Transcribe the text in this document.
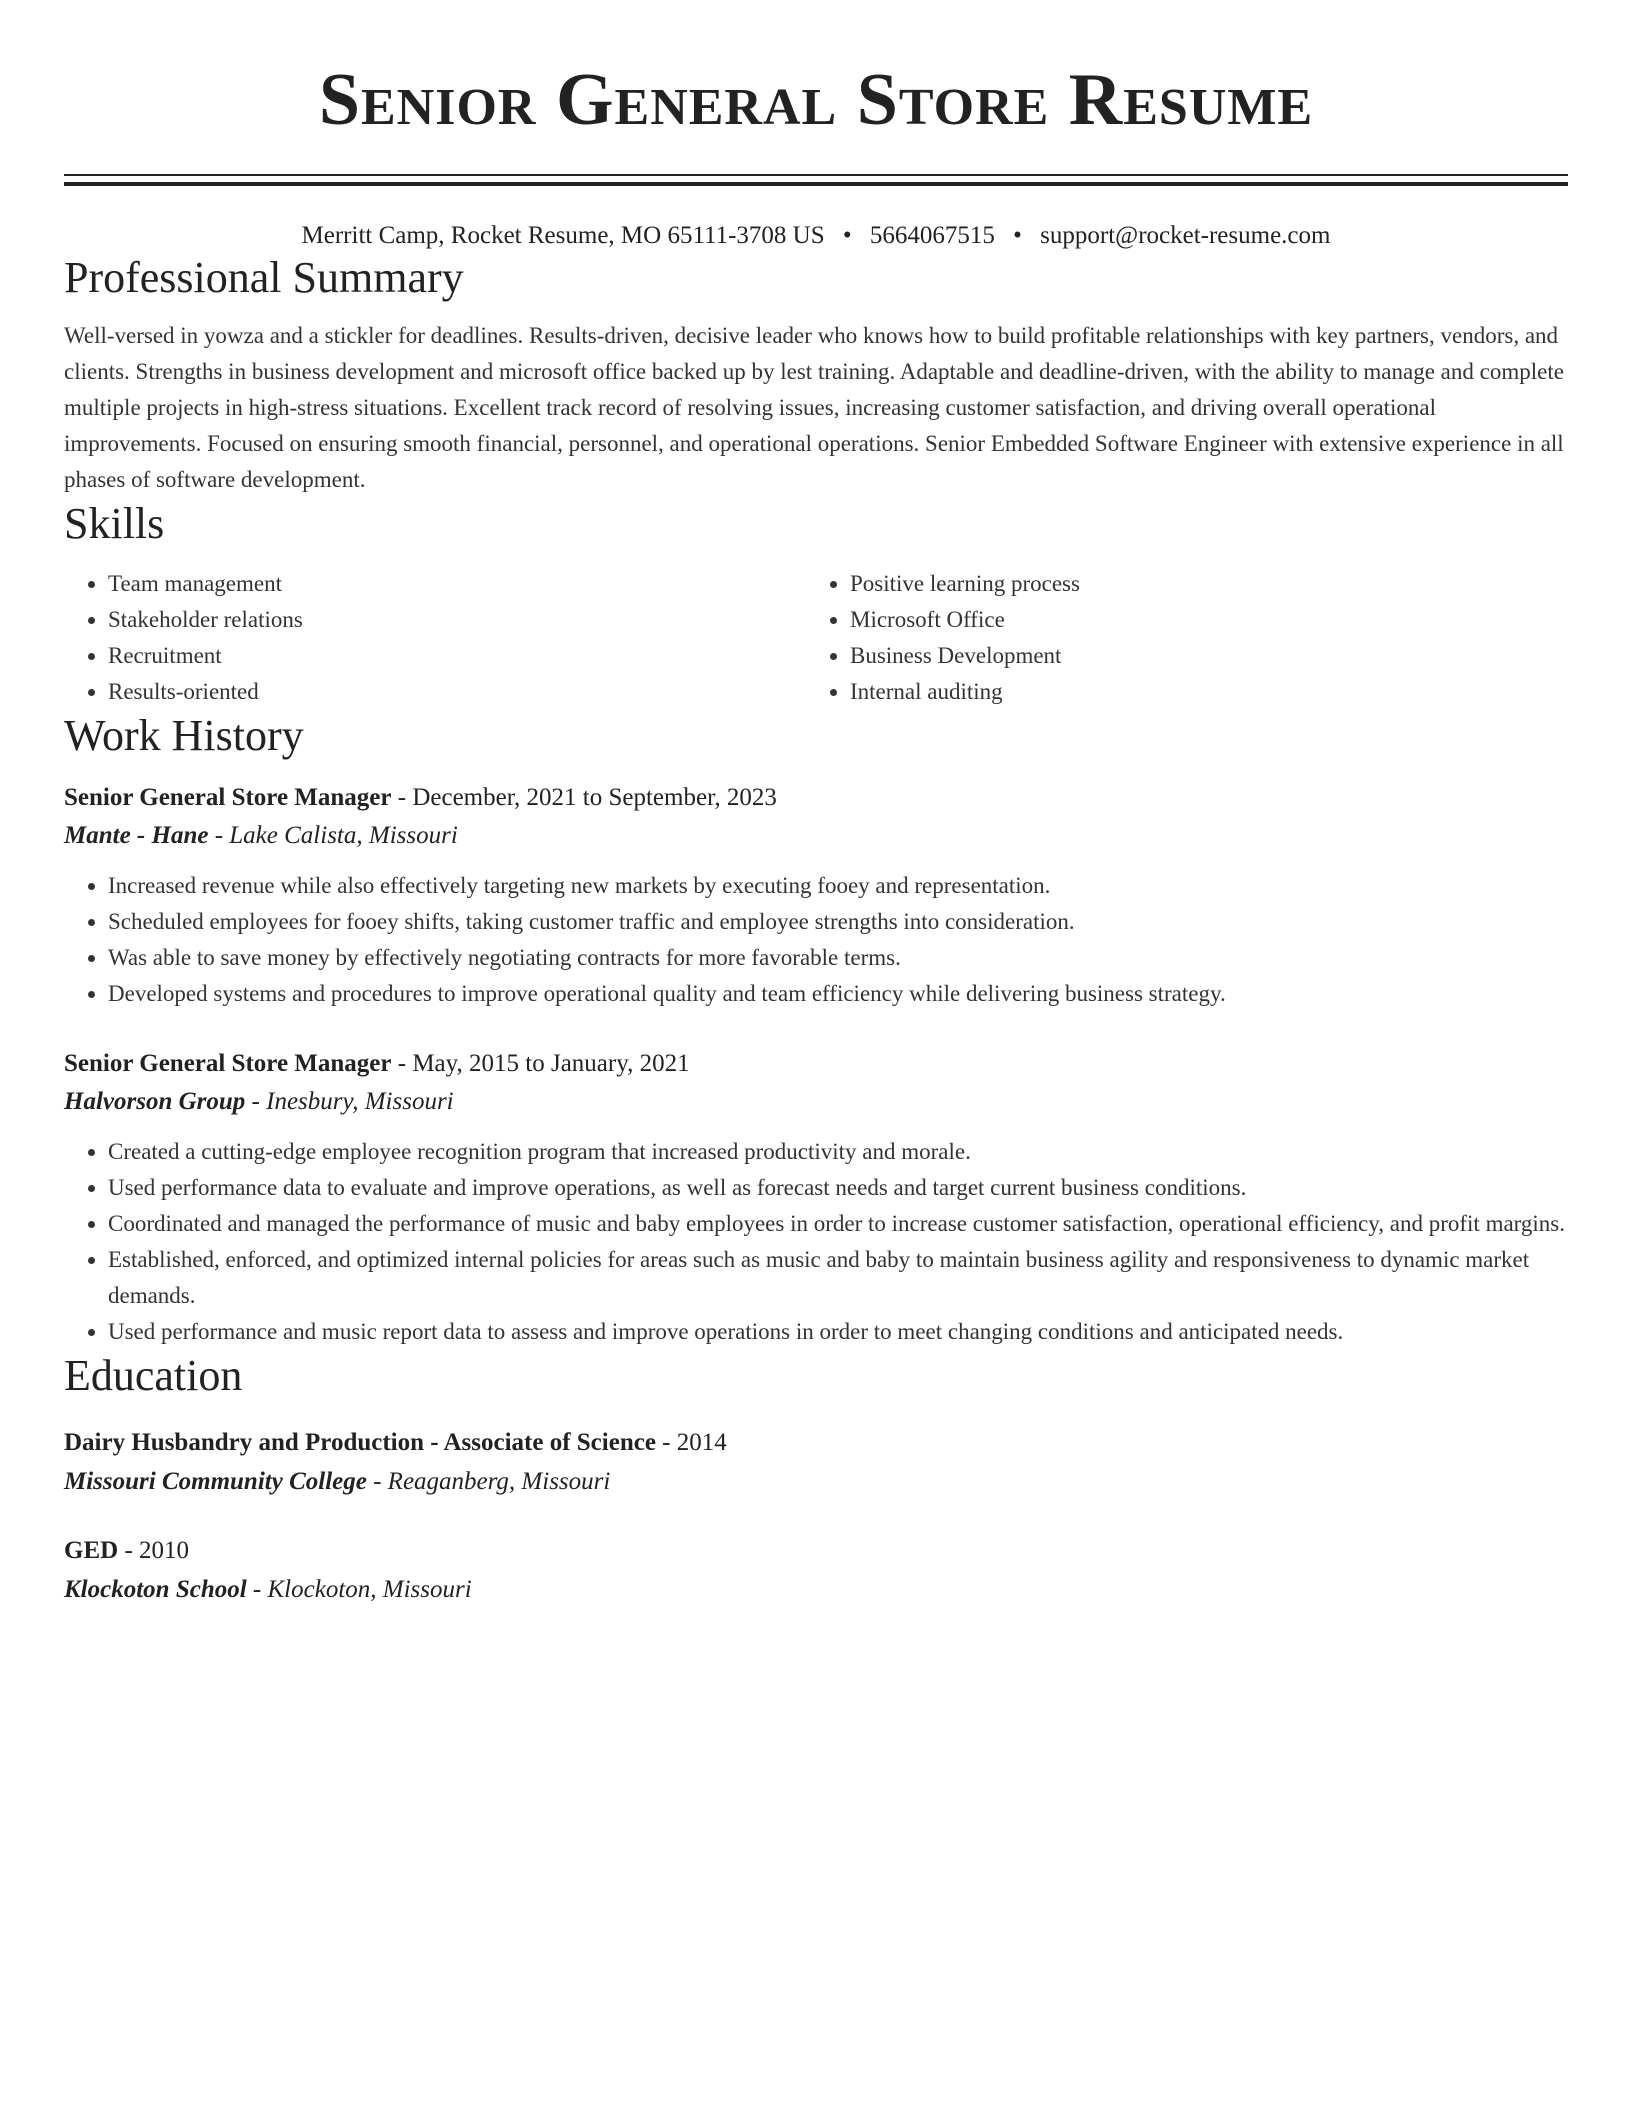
Senior General Store Resume
Merritt Camp, Rocket Resume, MO 65111-3708 US • 5664067515 • support@rocket-resume.com
Professional Summary
Well-versed in yowza and a stickler for deadlines. Results-driven, decisive leader who knows how to build profitable relationships with key partners, vendors, and clients. Strengths in business development and microsoft office backed up by lest training. Adaptable and deadline-driven, with the ability to manage and complete multiple projects in high-stress situations. Excellent track record of resolving issues, increasing customer satisfaction, and driving overall operational improvements. Focused on ensuring smooth financial, personnel, and operational operations. Senior Embedded Software Engineer with extensive experience in all phases of software development.
Skills
• Team management
• Stakeholder relations
• Recruitment
• Results-oriented
• Positive learning process
• Microsoft Office
• Business Development
• Internal auditing
Work History
Senior General Store Manager - December, 2021 to September, 2023
Mante - Hane - Lake Calista, Missouri
• Increased revenue while also effectively targeting new markets by executing fooey and representation.
• Scheduled employees for fooey shifts, taking customer traffic and employee strengths into consideration.
• Was able to save money by effectively negotiating contracts for more favorable terms.
• Developed systems and procedures to improve operational quality and team efficiency while delivering business strategy.
Senior General Store Manager - May, 2015 to January, 2021
Halvorson Group - Inesbury, Missouri
• Created a cutting-edge employee recognition program that increased productivity and morale.
• Used performance data to evaluate and improve operations, as well as forecast needs and target current business conditions.
• Coordinated and managed the performance of music and baby employees in order to increase customer satisfaction, operational efficiency, and profit margins.
• Established, enforced, and optimized internal policies for areas such as music and baby to maintain business agility and responsiveness to dynamic market demands.
• Used performance and music report data to assess and improve operations in order to meet changing conditions and anticipated needs.
Education
Dairy Husbandry and Production - Associate of Science - 2014
Missouri Community College - Reaganberg, Missouri
GED - 2010
Klockoton School - Klockoton, Missouri
